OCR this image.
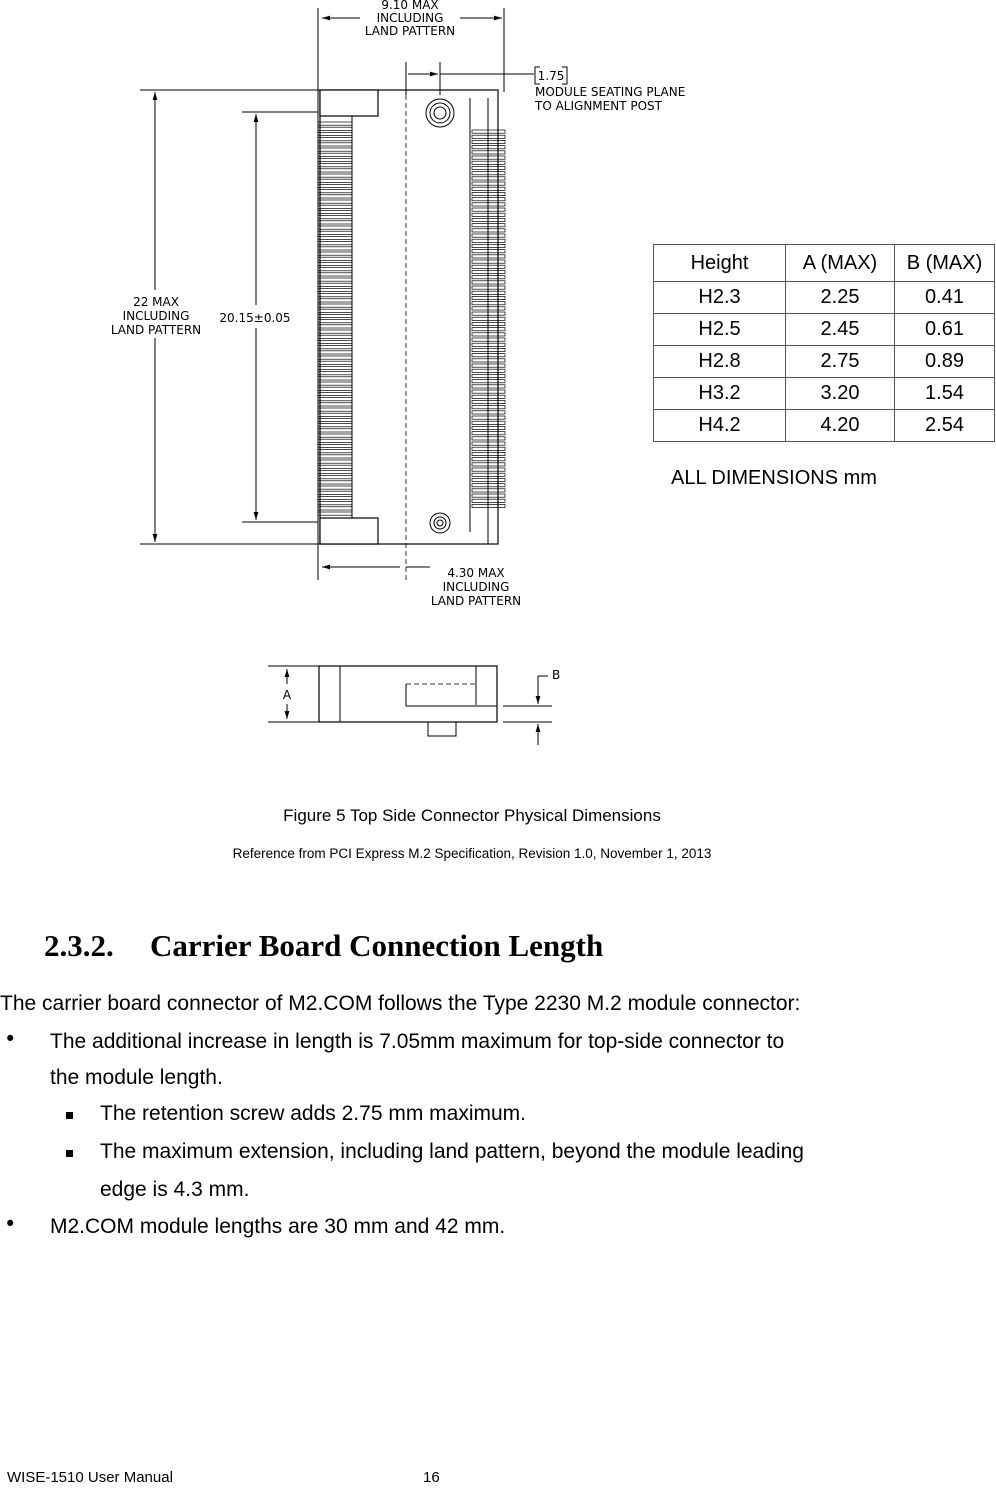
9.10 MAX
INCLUDING
LAND PATTERN
1.75
MODULE SEATING PLANE
TO ALIGNMENT POST
22 MAX
INCLUDING
LAND PATTERN
20.15±0.05
4.30 MAX
INCLUDING
LAND PATTERN
A
B
Height	A (MAX)	B (MAX)
H2.3	2.25	0.41
H2.5	2.45	0.61
H2.8	2.75	0.89
H3.2	3.20	1.54
H4.2	4.20	2.54
ALL DIMENSIONS mm
Figure 5 Top Side Connector Physical Dimensions
Reference from PCI Express M.2 Specification, Revision 1.0, November 1, 2013
2.3.2. Carrier Board Connection Length
The carrier board connector of M2.COM follows the Type 2230 M.2 module connector:
• The additional increase in length is 7.05mm maximum for top-side connector to
the module length.
The retention screw adds 2.75 mm maximum.
The maximum extension, including land pattern, beyond the module leading
edge is 4.3 mm.
• M2.COM module lengths are 30 mm and 42 mm.
WISE-1510 User Manual	16
